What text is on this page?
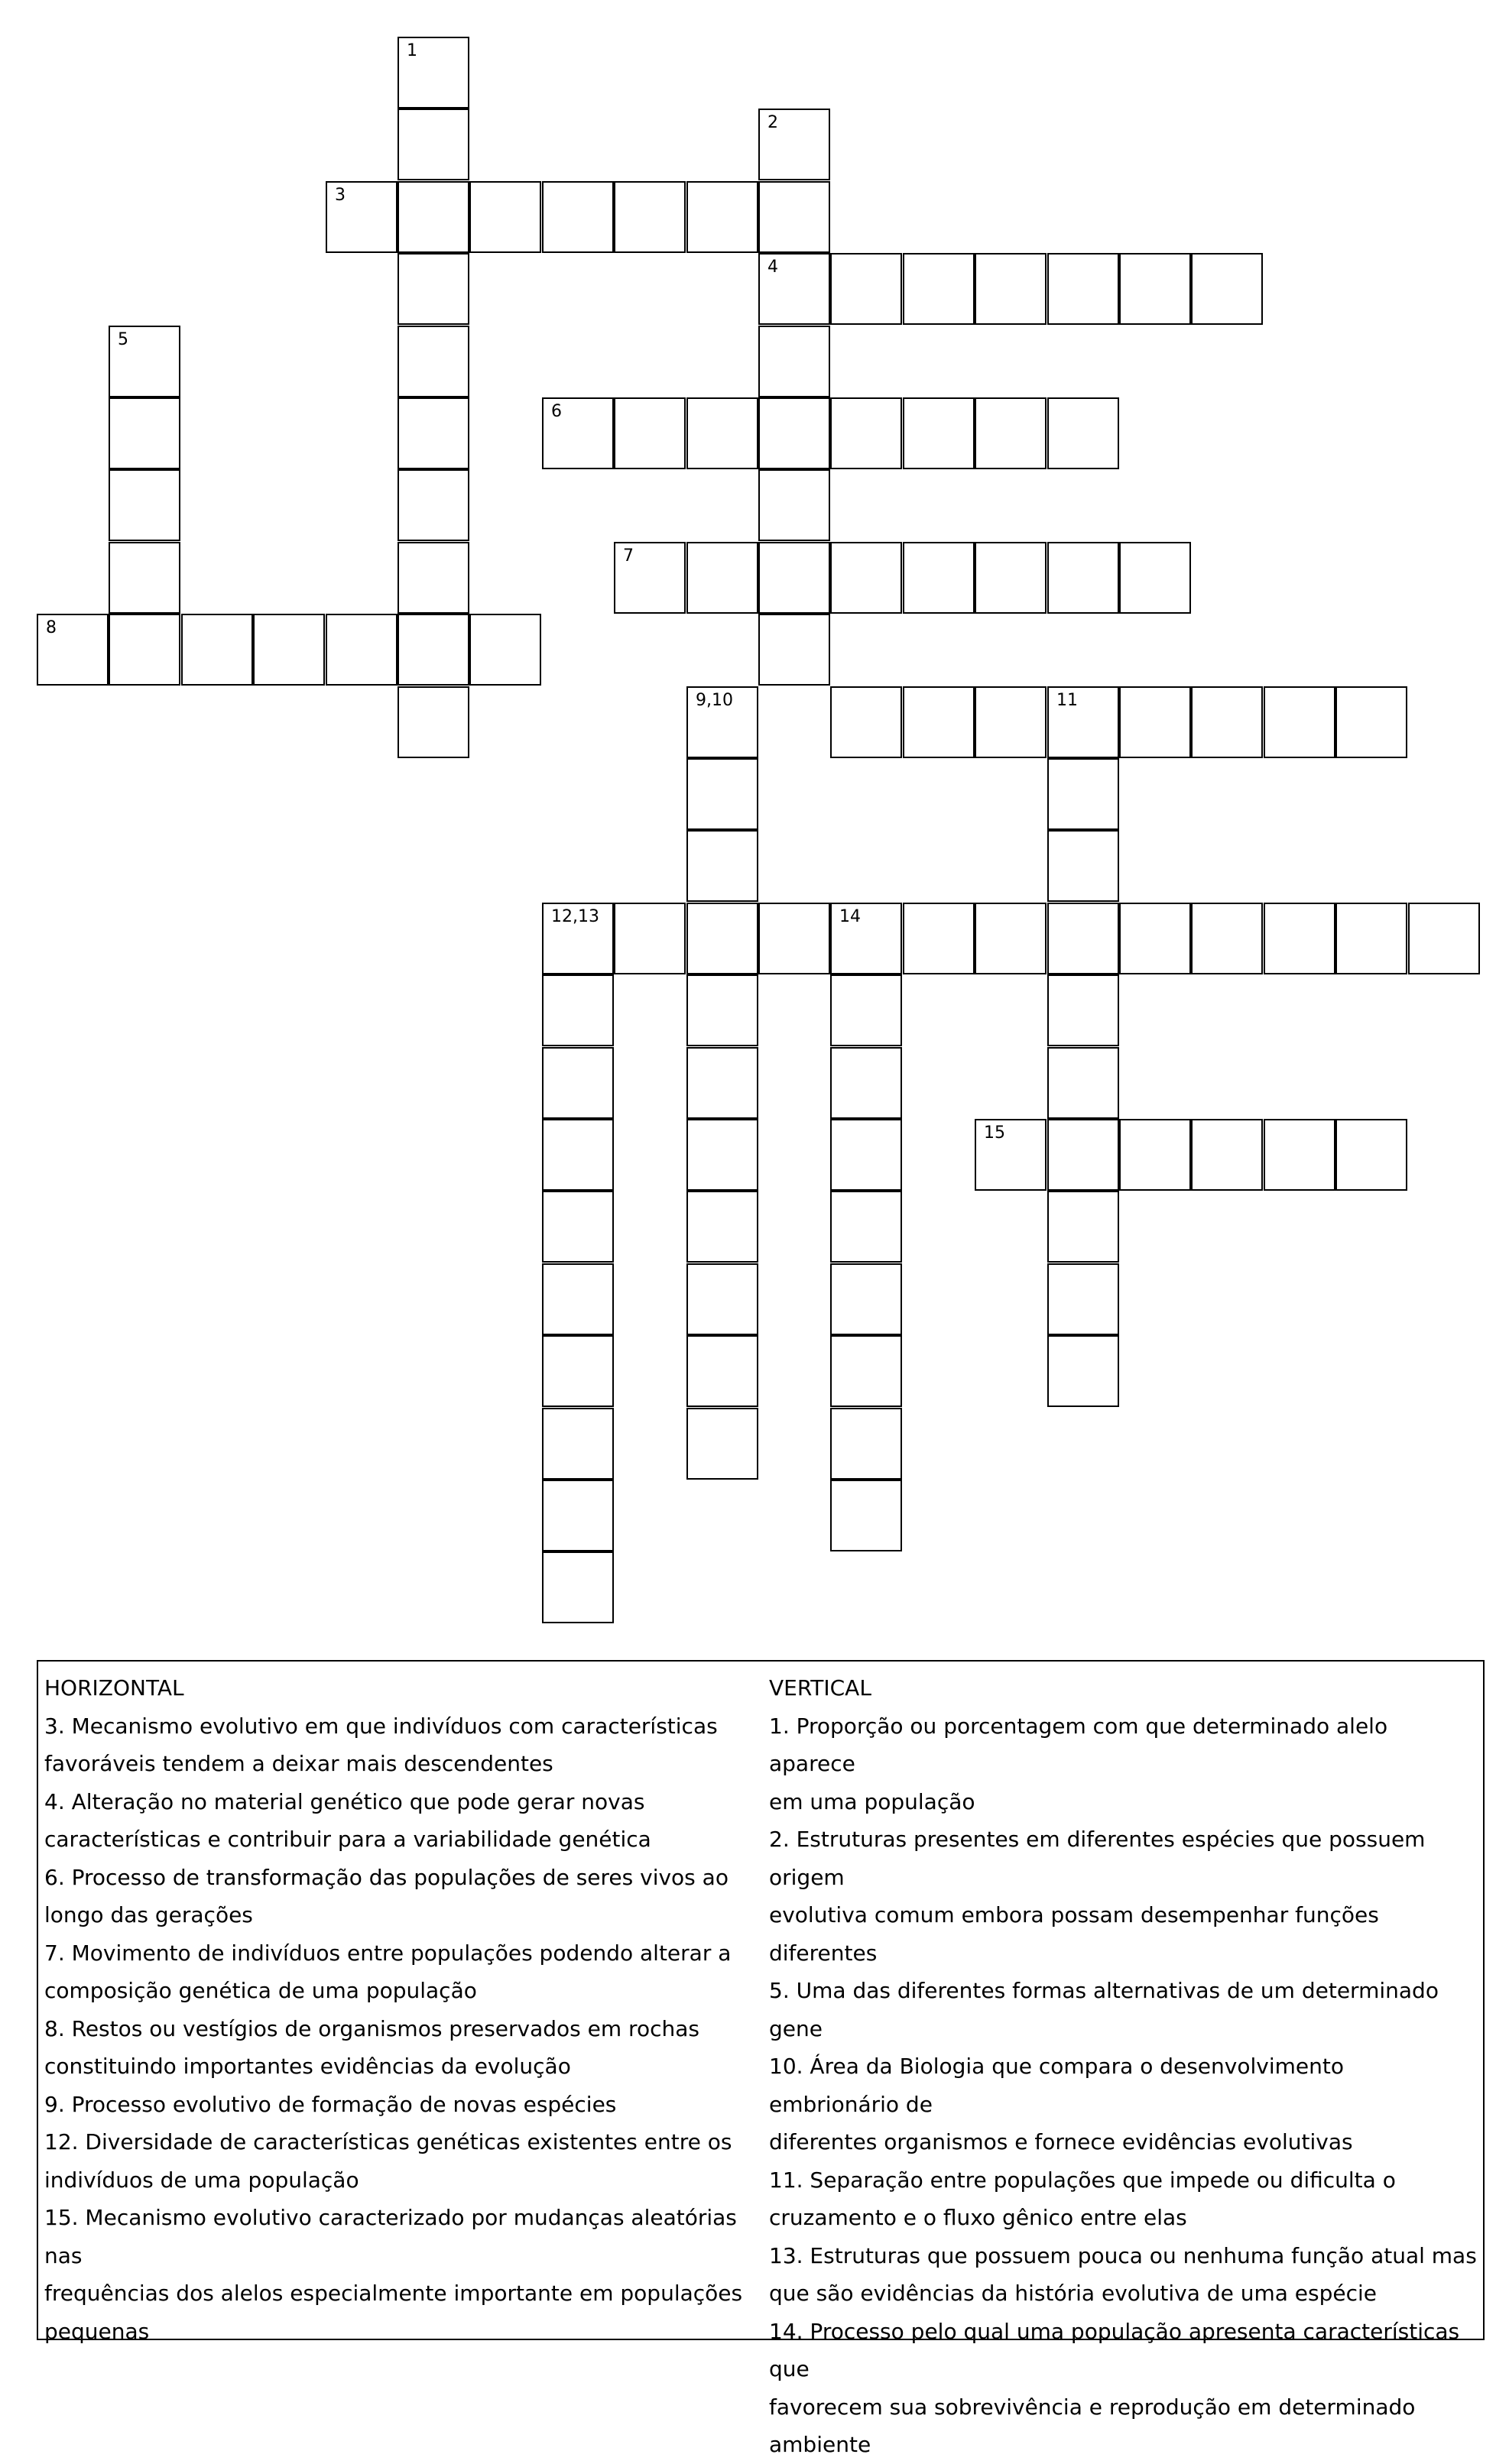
1
2
4
3
5
6
7
8
9,10	11
12,13	14
15

HORIZONTAL

3. Mecanismo evolutivo em que indivíduos com características

favoráveis tendem a deixar mais descendentes

4. Alteração no material genético que pode gerar novas

características e contribuir para a variabilidade genética

6. Processo de transformação das populações de seres vivos ao

longo das gerações

7. Movimento de indivíduos entre populações podendo alterar a

composição genética de uma população

8. Restos ou vestígios de organismos preservados em rochas

constituindo importantes evidências da evolução

9. Processo evolutivo de formação de novas espécies

12. Diversidade de características genéticas existentes entre os

indivíduos de uma população

15. Mecanismo evolutivo caracterizado por mudanças aleatórias nas

frequências dos alelos especialmente importante em populações

pequenas

VERTICAL

1. Proporção ou porcentagem com que determinado alelo aparece

em uma população

2. Estruturas presentes em diferentes espécies que possuem origem

evolutiva comum embora possam desempenhar funções diferentes

5. Uma das diferentes formas alternativas de um determinado gene

10. Área da Biologia que compara o desenvolvimento embrionário de

diferentes organismos e fornece evidências evolutivas

11. Separação entre populações que impede ou dificulta o

cruzamento e o fluxo gênico entre elas

13. Estruturas que possuem pouca ou nenhuma função atual mas

que são evidências da história evolutiva de uma espécie

14. Processo pelo qual uma população apresenta características que

favorecem sua sobrevivência e reprodução em determinado

ambiente
